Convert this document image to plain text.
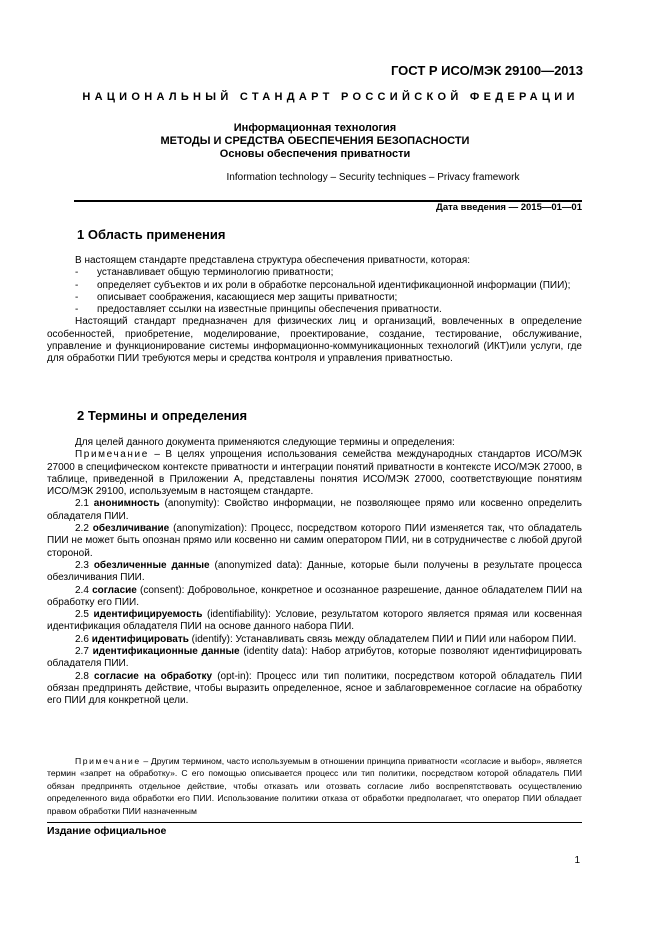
ГОСТ Р ИСО/МЭК 29100—2013
НАЦИОНАЛЬНЫЙ СТАНДАРТ РОССИЙСКОЙ ФЕДЕРАЦИИ
Информационная технология
МЕТОДЫ И СРЕДСТВА ОБЕСПЕЧЕНИЯ БЕЗОПАСНОСТИ
Основы обеспечения приватности
Information technology – Security techniques – Privacy framework
Дата введения — 2015—01—01
1 Область применения

В настоящем стандарте представлена структура обеспечения приватности, которая:

-	устанавливает общую терминологию приватности;
-	определяет субъектов и их роли в обработке персональной идентификационной информации (ПИИ);
-	описывает соображения, касающиеся мер защиты приватности;
-	предоставляет ссылки на известные принципы обеспечения приватности.

Настоящий стандарт предназначен для физических лиц и организаций, вовлеченных в определение особенностей, приобретение, моделирование, проектирование, создание, тестирование, обслуживание, управление и функционирование системы информационно-коммуникационных технологий (ИКТ)или услуги, где для обработки ПИИ требуются меры и средства контроля и управления приватностью.

2 Термины и определения

Для целей данного документа применяются следующие термины и определения:

Примечание – В целях упрощения использования семейства международных стандартов ИСО/МЭК 27000 в специфическом контексте приватности и интеграции понятий приватности в контексте ИСО/МЭК 27000, в таблице, приведенной в Приложении А, представлены понятия ИСО/МЭК 27000, соответствующие понятиям ИСО/МЭК 29100, используемым в настоящем стандарте.

2.1 анонимность (anonymity): Свойство информации, не позволяющее прямо или косвенно определить обладателя ПИИ.

2.2 обезличивание (anonymization): Процесс, посредством которого ПИИ изменяется так, что обладатель ПИИ не может быть опознан прямо или косвенно ни самим оператором ПИИ, ни в сотрудничестве с любой другой стороной.

2.3 обезличенные данные (anonymized data): Данные, которые были получены в результате процесса обезличивания ПИИ.

2.4 согласие (consent): Добровольное, конкретное и осознанное разрешение, данное обладателем ПИИ на обработку его ПИИ.

2.5 идентифицируемость (identifiability): Условие, результатом которого является прямая или косвенная идентификация обладателя ПИИ на основе данного набора ПИИ.

2.6 идентифицировать (identify): Устанавливать связь между обладателем ПИИ и ПИИ или набором ПИИ.

2.7 идентификационные данные (identity data): Набор атрибутов, которые позволяют идентифицировать обладателя ПИИ.

2.8 согласие на обработку (opt-in): Процесс или тип политики, посредством которой обладатель ПИИ обязан предпринять действие, чтобы выразить определенное, ясное и заблаговременное согласие на обработку его ПИИ для конкретной цели.

Примечание – Другим термином, часто используемым в отношении принципа приватности «согласие и выбор», является термин «запрет на обработку». С его помощью описывается процесс или тип политики, посредством которой обладатель ПИИ обязан предпринять отдельное действие, чтобы отказать или отозвать согласие либо воспрепятствовать осуществлению определенного вида обработки его ПИИ. Использование политики отказа от обработки предполагает, что оператор ПИИ обладает правом обработки ПИИ назначенным

Издание официальное
1
